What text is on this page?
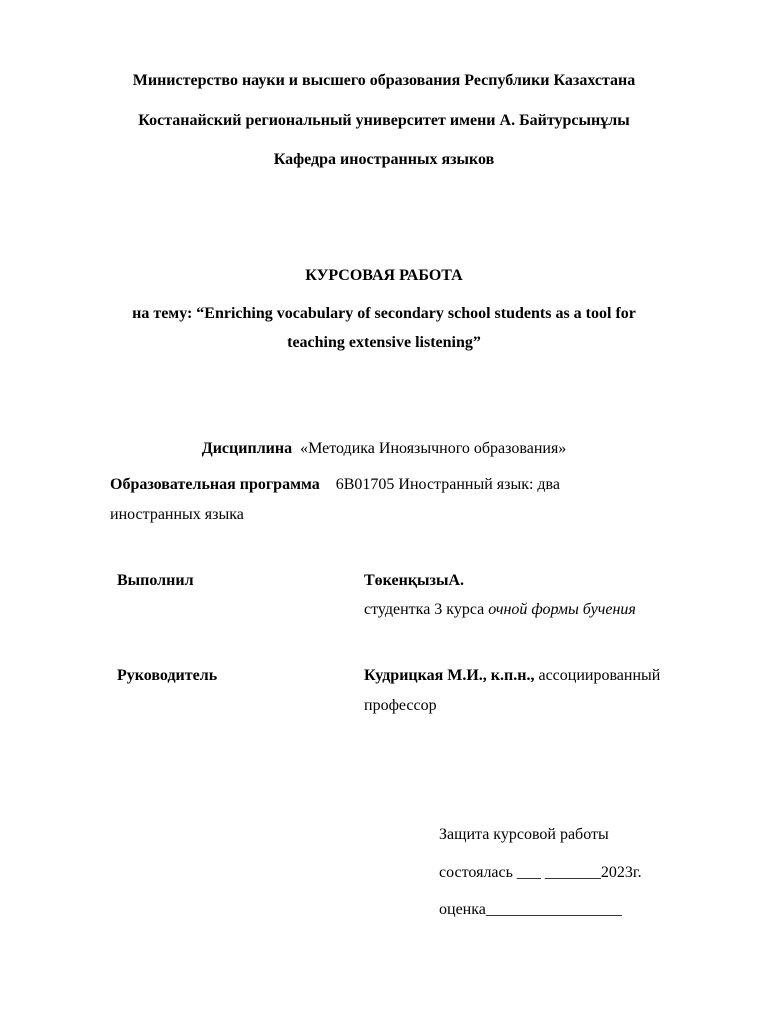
Министерство науки и высшего образования Республики Казахстана
Костанайский региональный университет имени А. Байтурсынұлы
Кафедра иностранных языков
КУРСОВАЯ РАБОТА
на тему: “Enriching vocabulary of secondary school students as a tool for
teaching extensive listening”
Дисциплина «Методика Иноязычного образования»
Образовательная программа 6В01705 Иностранный язык: два
иностранных языка
Выполнил	ТөкенқызыА.
студентка 3 курса очной формы бучения
Руководитель	Кудрицкая М.И., к.п.н., ассоциированный
профессор
Защита курсовой работы
состоялась ___ _______2023г.
оценка_________________
